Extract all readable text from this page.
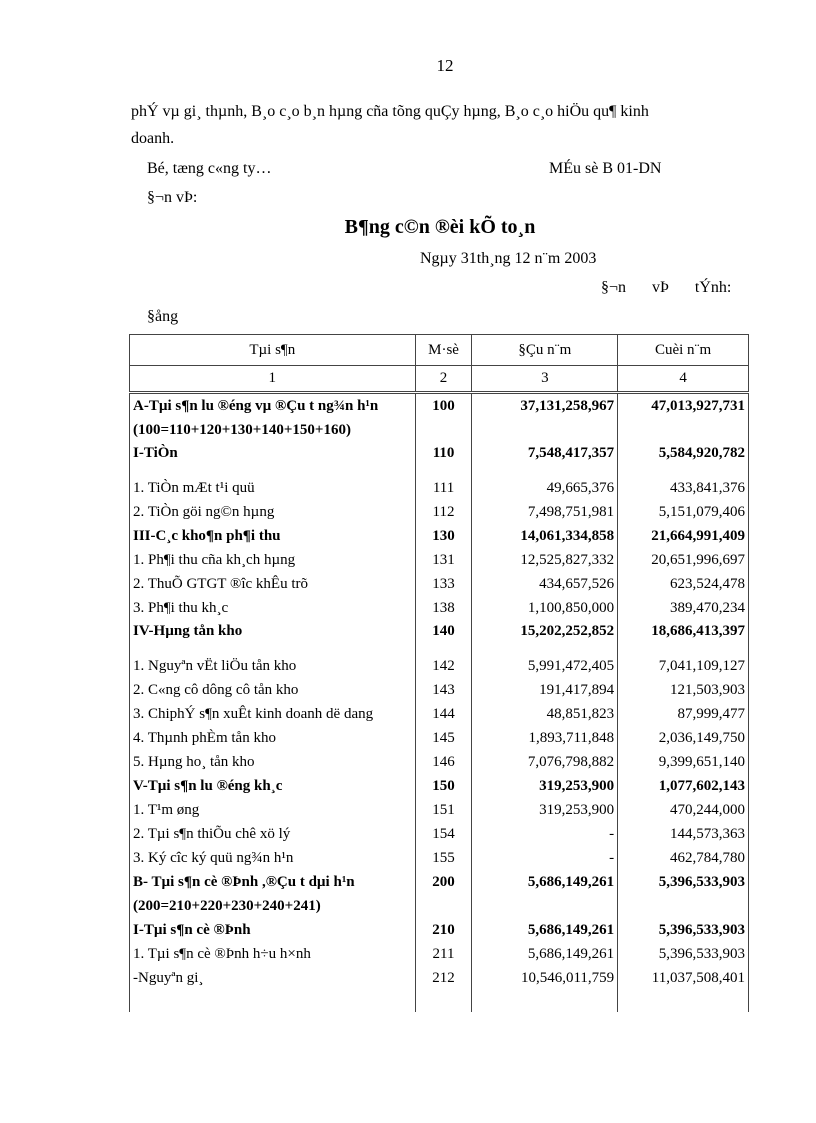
12
phÝ vµ gi¸ thµnh, B¸o c¸o b¸n hµng cña tõng quÇy hµng, B¸o c¸o hiÖu qu¶ kinh
doanh.
Bé, tæng c«ng ty…	MÉu sè B 01-DN
§¬n vÞ:
B¶ng c©n ®èi kÕ to¸n
Ngµy 31th¸ng 12 n¨m 2003
§¬n vÞ tÝnh:
§ång
Tµi s¶n	M·sè	§Çu n¨m	Cuèi n¨m
1	2	3	4
A-Tµi s¶n lu ®éng vµ ®Çu t ng¾n h¹n	100	37,131,258,967	47,013,927,731
(100=110+120+130+140+150+160)			
I-TiÒn	110	7,548,417,357	5,584,920,782
1. TiÒn mÆt t¹i quü	111	49,665,376	433,841,376
2. TiÒn göi ng©n hµng	112	7,498,751,981	5,151,079,406
III-C¸c kho¶n ph¶i thu	130	14,061,334,858	21,664,991,409
1. Ph¶i thu cña kh¸ch hµng	131	12,525,827,332	20,651,996,697
2. ThuÕ GTGT ®îc khÊu trõ	133	434,657,526	623,524,478
3. Ph¶i thu kh¸c	138	1,100,850,000	389,470,234
IV-Hµng tån kho	140	15,202,252,852	18,686,413,397
1. Nguyªn vËt liÖu tån kho	142	5,991,472,405	7,041,109,127
2. C«ng cô dông cô tån kho	143	191,417,894	121,503,903
3. ChiphÝ s¶n xuÊt kinh doanh dë dang	144	48,851,823	87,999,477
4. Thµnh phÈm tån kho	145	1,893,711,848	2,036,149,750
5. Hµng ho¸ tån kho	146	7,076,798,882	9,399,651,140
V-Tµi s¶n lu ®éng kh¸c	150	319,253,900	1,077,602,143
1. T¹m øng	151	319,253,900	470,244,000
2. Tµi s¶n thiÕu chê xö lý	154	-	144,573,363
3. Ký cîc ký quü ng¾n h¹n	155	-	462,784,780
B- Tµi s¶n cè ®Þnh ,®Çu t dµi h¹n	200	5,686,149,261	5,396,533,903
(200=210+220+230+240+241)			
I-Tµi s¶n cè ®Þnh	210	5,686,149,261	5,396,533,903
1. Tµi s¶n cè ®Þnh h÷u h×nh	211	5,686,149,261	5,396,533,903
-Nguyªn gi¸	212	10,546,011,759	11,037,508,401
